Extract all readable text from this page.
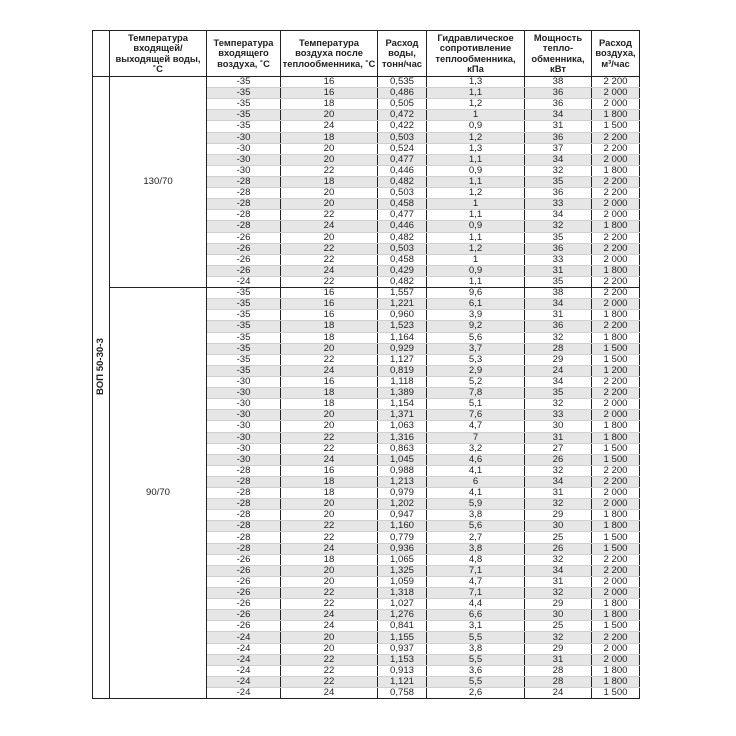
	Температура входящей/ выходящей воды, ˚С	Температура входящего воздуха, ˚С	Температура воздуха после теплообменника, ˚С	Расход воды, тонн/час	Гидравлическое сопротивление теплообменника, кПа	Мощность тепло-обменника, кВт	Расход воздуха, м³/час

ВОП 50-30-3	130/70	-35	16	0,535	1,3	38	2 200
		-35	16	0,486	1,1	36	2 000
		-35	18	0,505	1,2	36	2 000
		-35	20	0,472	1	34	1 800
		-35	24	0,422	0,9	31	1 500
		-30	18	0,503	1,2	36	2 200
		-30	20	0,524	1,3	37	2 200
		-30	20	0,477	1,1	34	2 000
		-30	22	0,446	0,9	32	1 800
		-28	18	0,482	1,1	35	2 200
		-28	20	0,503	1,2	36	2 200
		-28	20	0,458	1	33	2 000
		-28	22	0,477	1,1	34	2 000
		-28	24	0,446	0,9	32	1 800
		-26	20	0,482	1,1	35	2 200
		-26	22	0,503	1,2	36	2 200
		-26	22	0,458	1	33	2 000
		-26	24	0,429	0,9	31	1 800
		-24	22	0,482	1,1	35	2 200
	90/70	-35	16	1,557	9,6	38	2 200
		-35	16	1,221	6,1	34	2 000
		-35	16	0,960	3,9	31	1 800
		-35	18	1,523	9,2	36	2 200
		-35	18	1,164	5,6	32	1 800
		-35	20	0,929	3,7	28	1 500
		-35	22	1,127	5,3	29	1 500
		-35	24	0,819	2,9	24	1 200
		-30	16	1,118	5,2	34	2 200
		-30	18	1,389	7,8	35	2 200
		-30	18	1,154	5,1	32	2 000
		-30	20	1,371	7,6	33	2 000
		-30	20	1,063	4,7	30	1 800
		-30	22	1,316	7	31	1 800
		-30	22	0,863	3,2	27	1 500
		-30	24	1,045	4,6	26	1 500
		-28	16	0,988	4,1	32	2 200
		-28	18	1,213	6	34	2 200
		-28	18	0,979	4,1	31	2 000
		-28	20	1,202	5,9	32	2 000
		-28	20	0,947	3,8	29	1 800
		-28	22	1,160	5,6	30	1 800
		-28	22	0,779	2,7	25	1 500
		-28	24	0,936	3,8	26	1 500
		-26	18	1,065	4,8	32	2 200
		-26	20	1,325	7,1	34	2 200
		-26	20	1,059	4,7	31	2 000
		-26	22	1,318	7,1	32	2 000
		-26	22	1,027	4,4	29	1 800
		-26	24	1,276	6,6	30	1 800
		-26	24	0,841	3,1	25	1 500
		-24	20	1,155	5,5	32	2 200
		-24	20	0,937	3,8	29	2 000
		-24	22	1,153	5,5	31	2 000
		-24	22	0,913	3,6	28	1 800
		-24	22	1,121	5,5	28	1 800
		-24	24	0,758	2,6	24	1 500
